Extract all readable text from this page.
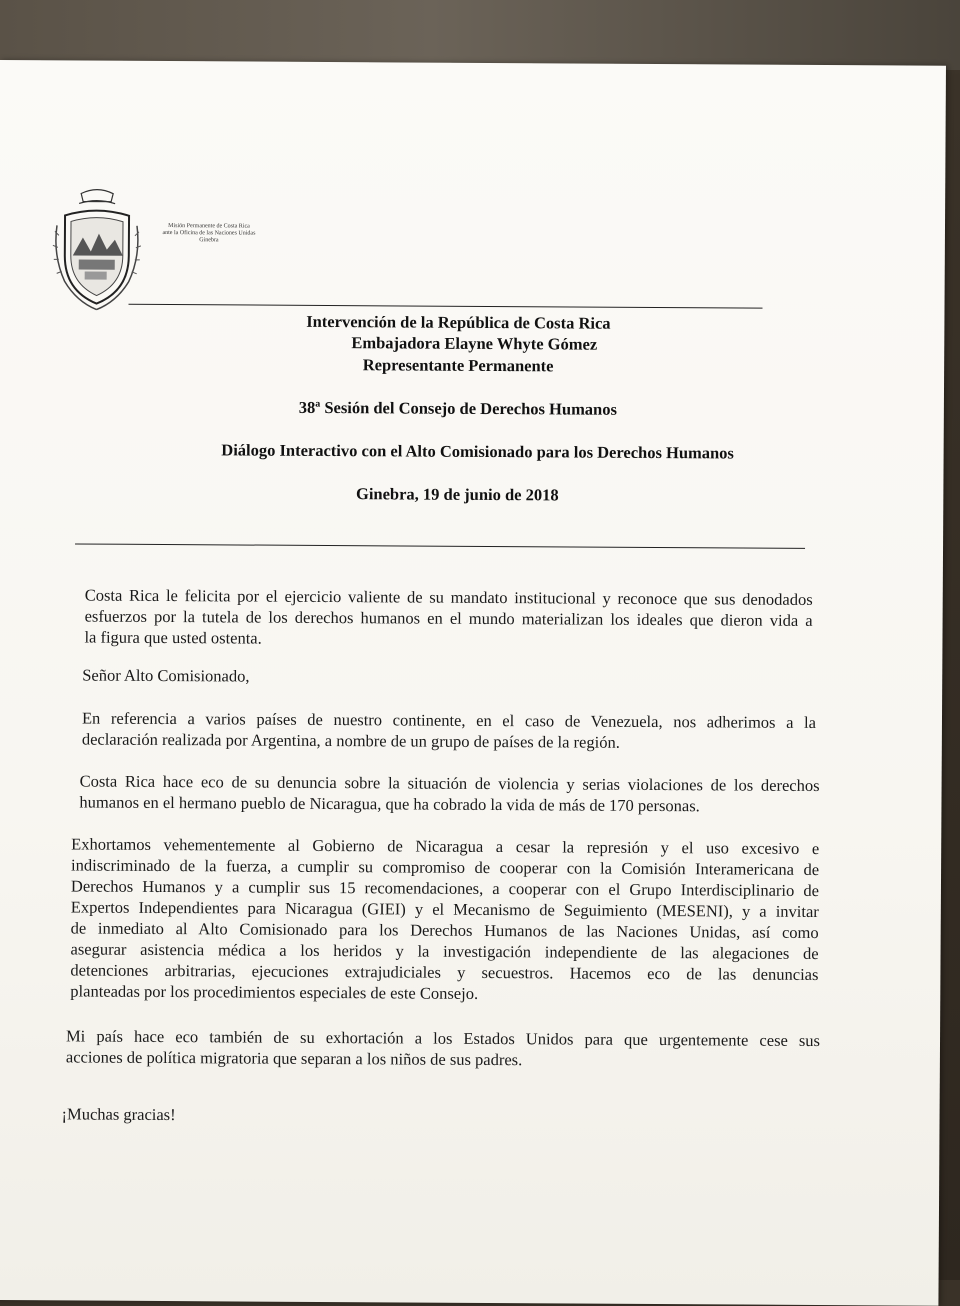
Misión Permanente de Costa Rica
ante la Oficina de las Naciones Unidas
Ginebra
Intervención de la República de Costa Rica
Embajadora Elayne Whyte Gómez
Representante Permanente
38ª Sesión del Consejo de Derechos Humanos
Diálogo Interactivo con el Alto Comisionado para los Derechos Humanos
Ginebra, 19 de junio de 2018
Costa Rica le felicita por el ejercicio valiente de su mandato institucional y reconoce que sus denodados
esfuerzos por la tutela de los derechos humanos en el mundo materializan los ideales que dieron vida a
la figura que usted ostenta.
Señor Alto Comisionado,
En referencia a varios países de nuestro continente, en el caso de Venezuela, nos adherimos a la
declaración realizada por Argentina, a nombre de un grupo de países de la región.
Costa Rica hace eco de su denuncia sobre la situación de violencia y serias violaciones de los derechos
humanos en el hermano pueblo de Nicaragua, que ha cobrado la vida de más de 170 personas.
Exhortamos vehementemente al Gobierno de Nicaragua a cesar la represión y el uso excesivo e
indiscriminado de la fuerza, a cumplir su compromiso de cooperar con la Comisión Interamericana de
Derechos Humanos y a cumplir sus 15 recomendaciones, a cooperar con el Grupo Interdisciplinario de
Expertos Independientes para Nicaragua (GIEI) y el Mecanismo de Seguimiento (MESENI), y a invitar
de inmediato al Alto Comisionado para los Derechos Humanos de las Naciones Unidas, así como
asegurar asistencia médica a los heridos y la investigación independiente de las alegaciones de
detenciones arbitrarias, ejecuciones extrajudiciales y secuestros. Hacemos eco de las denuncias
planteadas por los procedimientos especiales de este Consejo.
Mi país hace eco también de su exhortación a los Estados Unidos para que urgentemente cese sus
acciones de política migratoria que separan a los niños de sus padres.
¡Muchas gracias!
